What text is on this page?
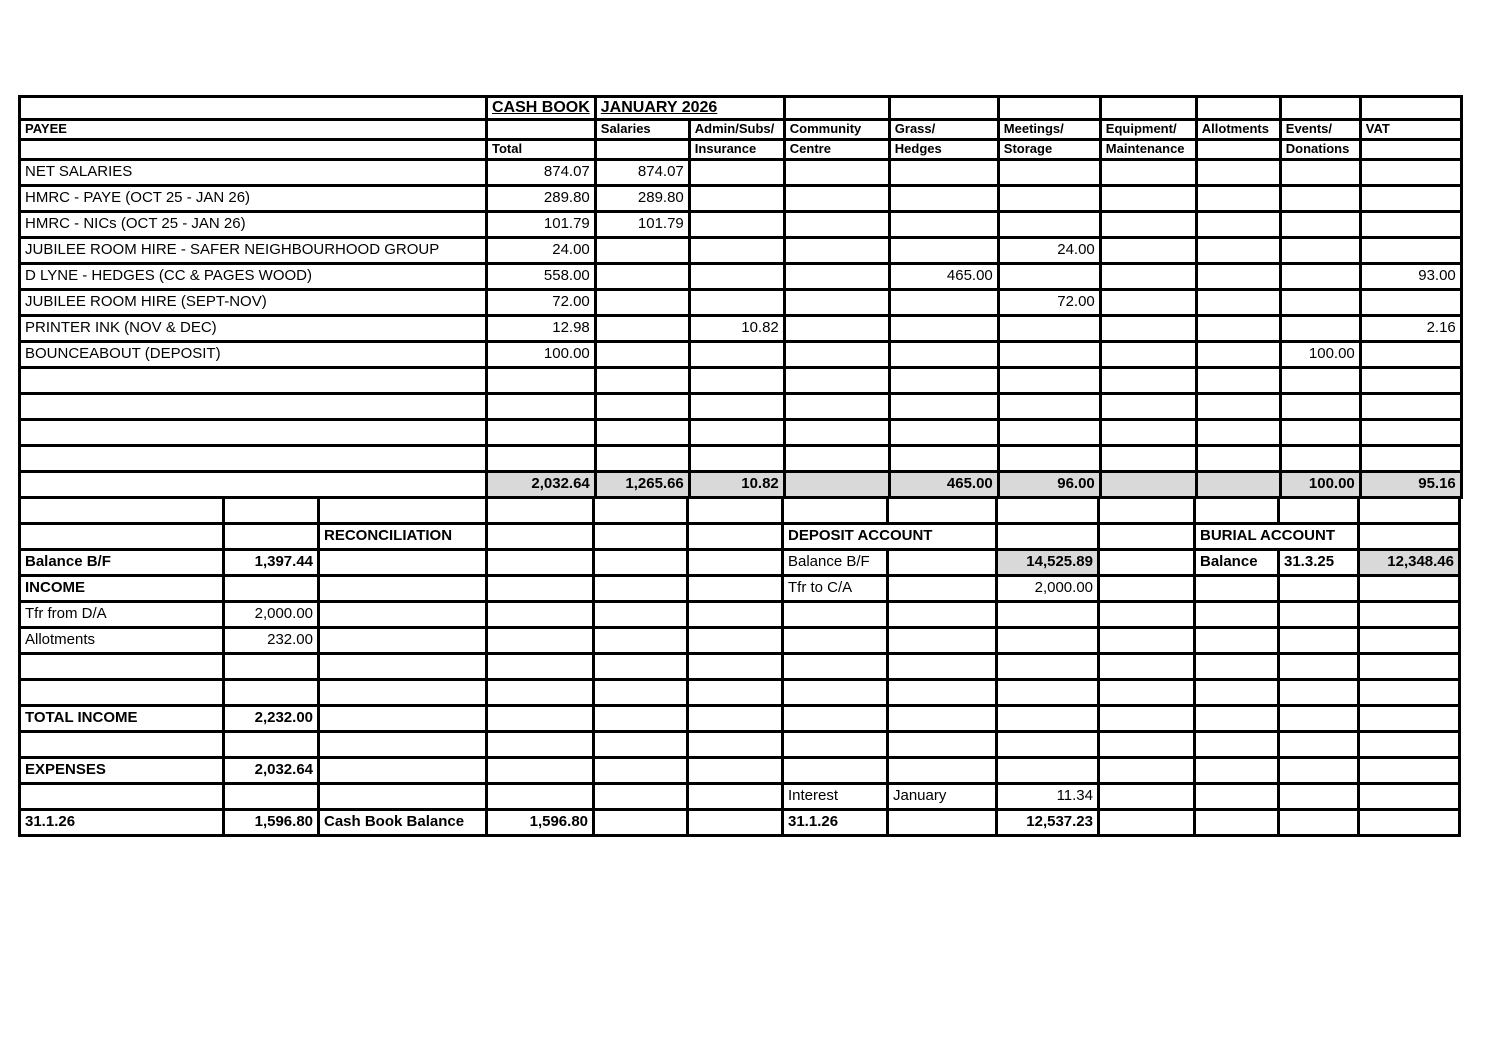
	CASH BOOK	JANUARY 2026								
PAYEE		Salaries	Admin/Subs/	Community	Grass/	Meetings/	Equipment/	Allotments	Events/	VAT
	Total		Insurance	Centre	Hedges	Storage	Maintenance		Donations	
NET SALARIES	874.07	874.07								
HMRC - PAYE (OCT 25 - JAN 26)	289.80	289.80								
HMRC - NICs (OCT 25 - JAN 26)	101.79	101.79								
JUBILEE ROOM HIRE - SAFER NEIGHBOURHOOD GROUP	24.00					24.00				
D LYNE - HEDGES (CC & PAGES WOOD)	558.00				465.00					93.00
JUBILEE ROOM HIRE (SEPT-NOV)	72.00					72.00				
PRINTER INK (NOV & DEC)	12.98		10.82							2.16
BOUNCEABOUT (DEPOSIT)	100.00								100.00	

	2,032.64	1,265.66	10.82		465.00	96.00			100.00	95.16

		RECONCILIATION				DEPOSIT ACCOUNT				BURIAL ACCOUNT		
Balance B/F	1,397.44					Balance B/F		14,525.89		Balance	31.3.25	12,348.46
INCOME						Tfr to C/A		2,000.00				
Tfr from D/A	2,000.00											
Allotments	232.00											

TOTAL INCOME	2,232.00											

EXPENSES	2,032.64											
						Interest	January	11.34				
31.1.26	1,596.80	Cash Book Balance	1,596.80			31.1.26		12,537.23				
